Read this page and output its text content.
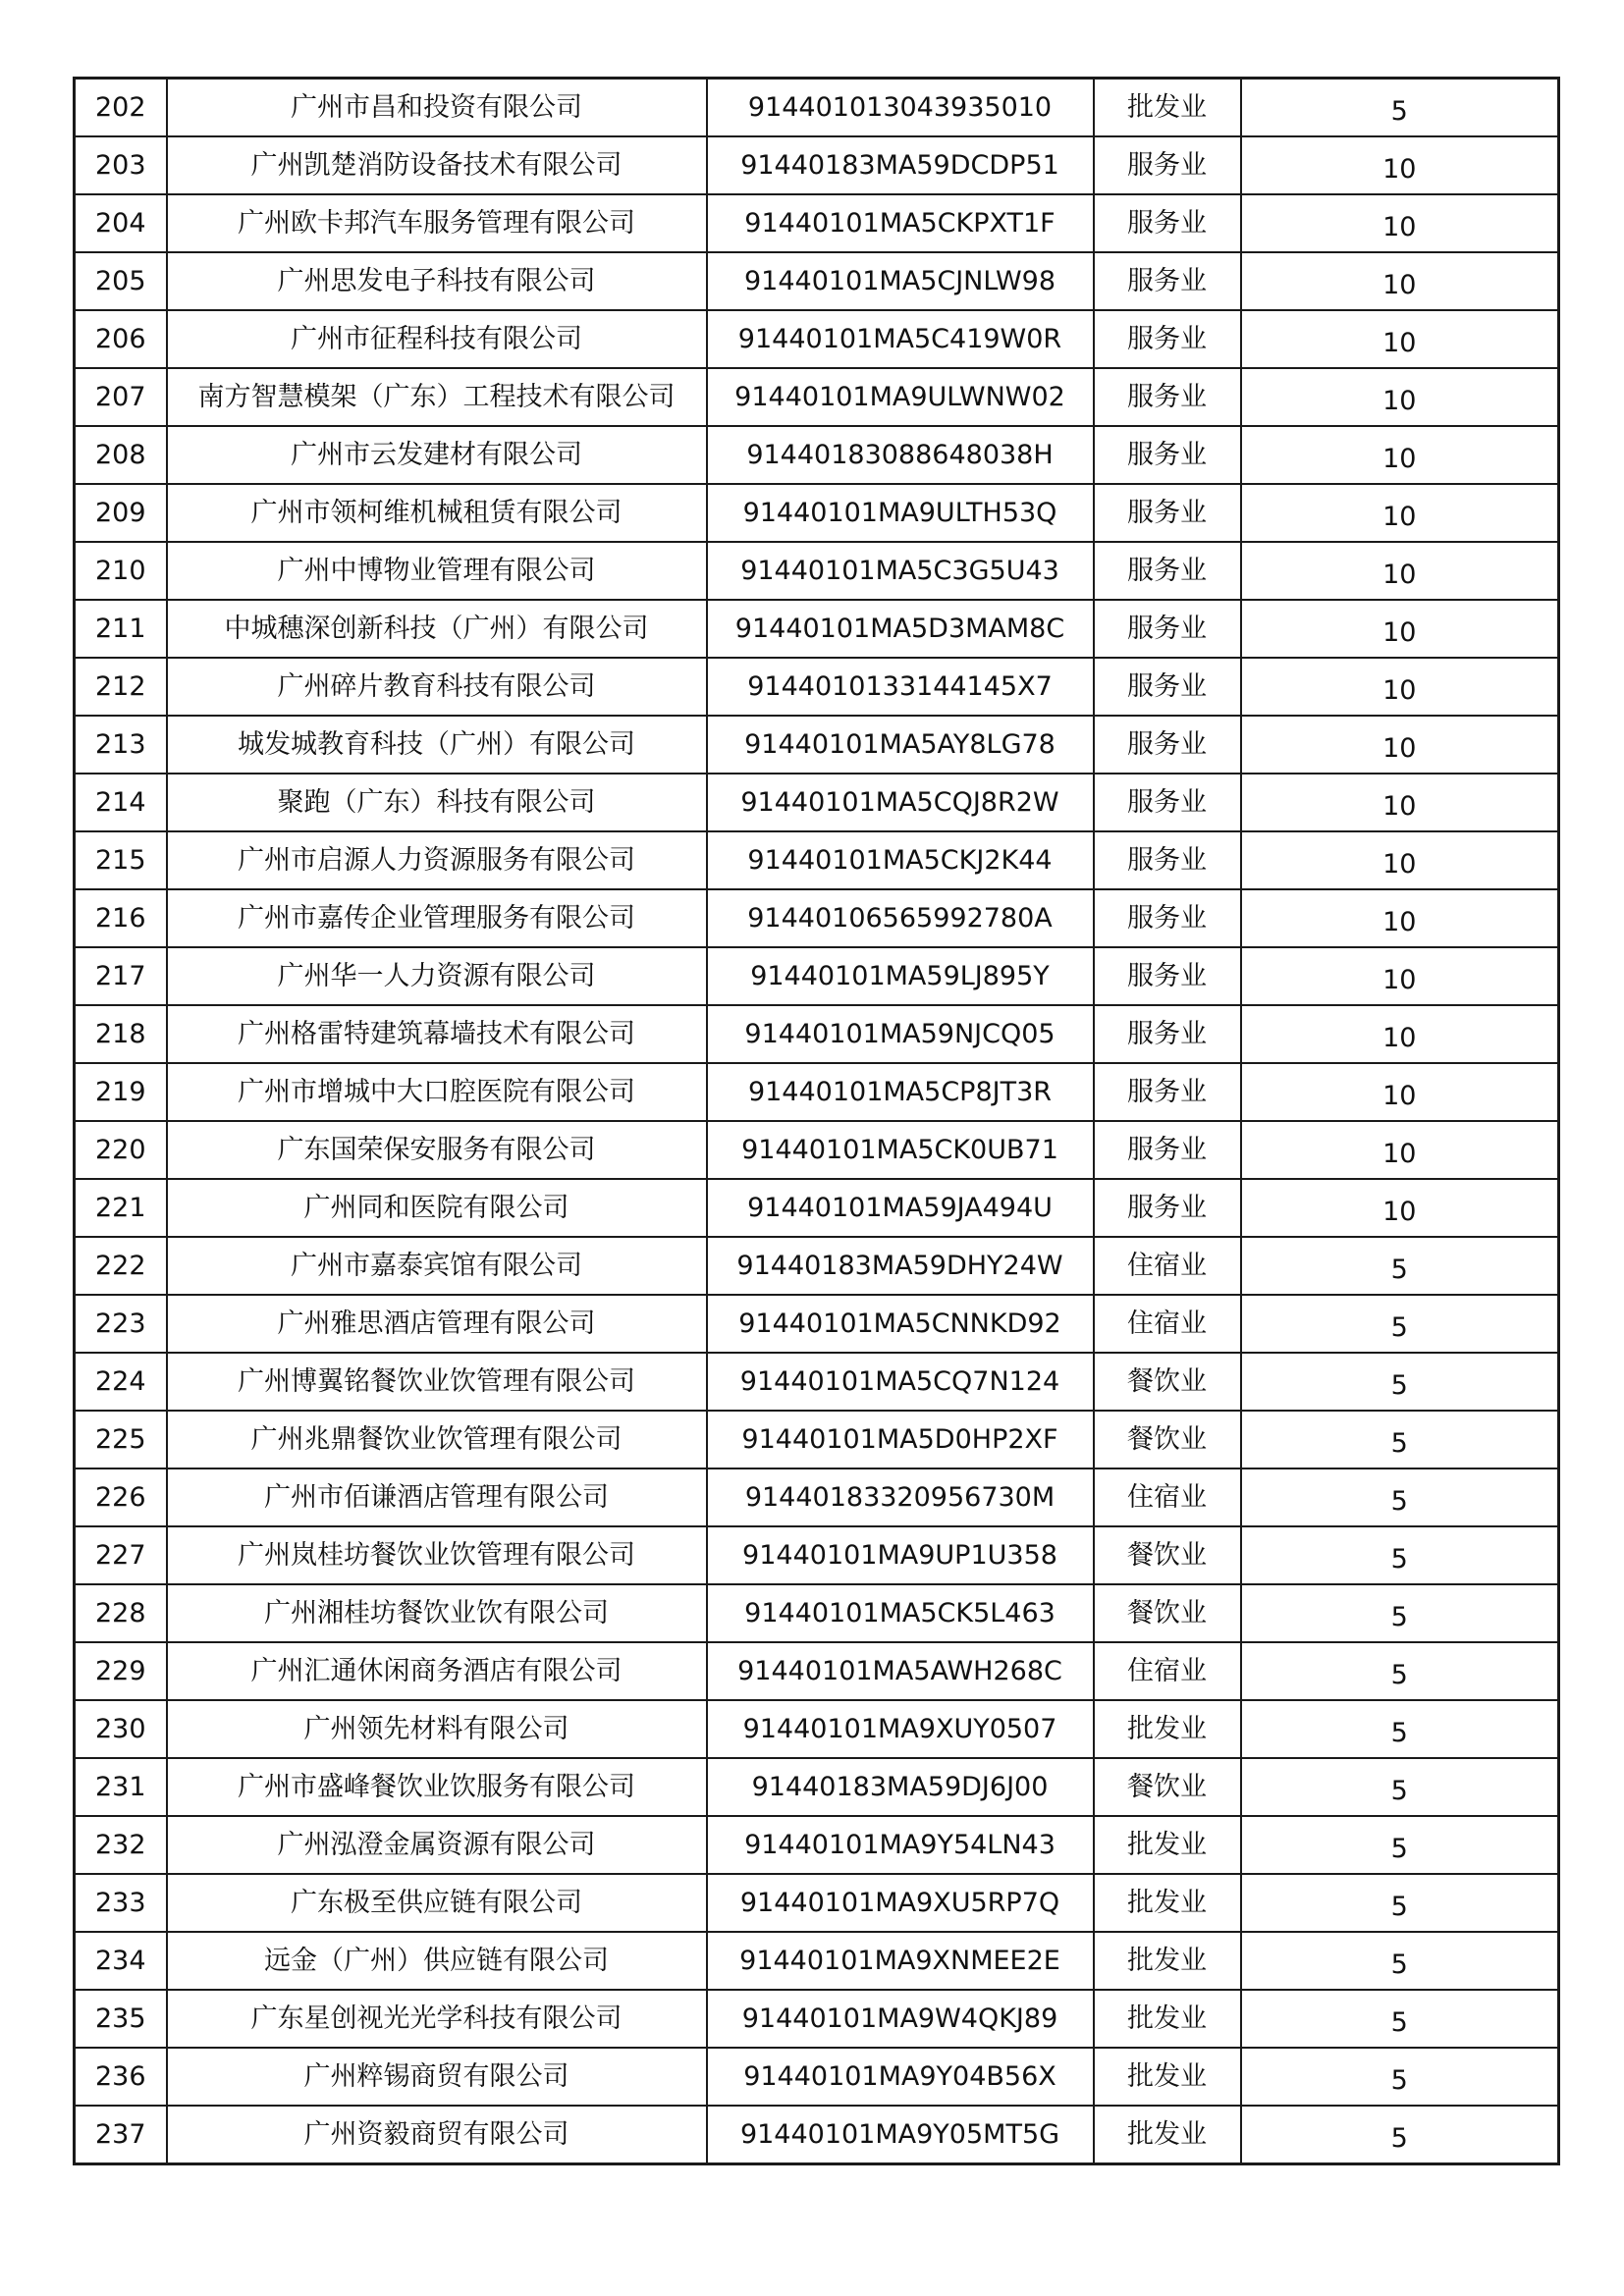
202	广州市昌和投资有限公司	914401013043935010	批发业	5
203	广州凯楚消防设备技术有限公司	91440183MA59DCDP51	服务业	10
204	广州欧卡邦汽车服务管理有限公司	91440101MA5CKPXT1F	服务业	10
205	广州思发电子科技有限公司	91440101MA5CJNLW98	服务业	10
206	广州市征程科技有限公司	91440101MA5C419W0R	服务业	10
207	南方智慧模架（广东）工程技术有限公司	91440101MA9ULWNW02	服务业	10
208	广州市云发建材有限公司	91440183088648038H	服务业	10
209	广州市领柯维机械租赁有限公司	91440101MA9ULTH53Q	服务业	10
210	广州中博物业管理有限公司	91440101MA5C3G5U43	服务业	10
211	中城穗深创新科技（广州）有限公司	91440101MA5D3MAM8C	服务业	10
212	广州碎片教育科技有限公司	9144010133144145X7	服务业	10
213	城发城教育科技（广州）有限公司	91440101MA5AY8LG78	服务业	10
214	聚跑（广东）科技有限公司	91440101MA5CQJ8R2W	服务业	10
215	广州市启源人力资源服务有限公司	91440101MA5CKJ2K44	服务业	10
216	广州市嘉传企业管理服务有限公司	91440106565992780A	服务业	10
217	广州华一人力资源有限公司	91440101MA59LJ895Y	服务业	10
218	广州格雷特建筑幕墙技术有限公司	91440101MA59NJCQ05	服务业	10
219	广州市增城中大口腔医院有限公司	91440101MA5CP8JT3R	服务业	10
220	广东国荣保安服务有限公司	91440101MA5CK0UB71	服务业	10
221	广州同和医院有限公司	91440101MA59JA494U	服务业	10
222	广州市嘉泰宾馆有限公司	91440183MA59DHY24W	住宿业	5
223	广州雅思酒店管理有限公司	91440101MA5CNNKD92	住宿业	5
224	广州博翼铭餐饮业饮管理有限公司	91440101MA5CQ7N124	餐饮业	5
225	广州兆鼎餐饮业饮管理有限公司	91440101MA5D0HP2XF	餐饮业	5
226	广州市佰谦酒店管理有限公司	91440183320956730M	住宿业	5
227	广州岚桂坊餐饮业饮管理有限公司	91440101MA9UP1U358	餐饮业	5
228	广州湘桂坊餐饮业饮有限公司	91440101MA5CK5L463	餐饮业	5
229	广州汇通休闲商务酒店有限公司	91440101MA5AWH268C	住宿业	5
230	广州领先材料有限公司	91440101MA9XUY0507	批发业	5
231	广州市盛峰餐饮业饮服务有限公司	91440183MA59DJ6J00	餐饮业	5
232	广州泓澄金属资源有限公司	91440101MA9Y54LN43	批发业	5
233	广东极至供应链有限公司	91440101MA9XU5RP7Q	批发业	5
234	远金（广州）供应链有限公司	91440101MA9XNMEE2E	批发业	5
235	广东星创视光光学科技有限公司	91440101MA9W4QKJ89	批发业	5
236	广州粹锡商贸有限公司	91440101MA9Y04B56X	批发业	5
237	广州资毅商贸有限公司	91440101MA9Y05MT5G	批发业	5
